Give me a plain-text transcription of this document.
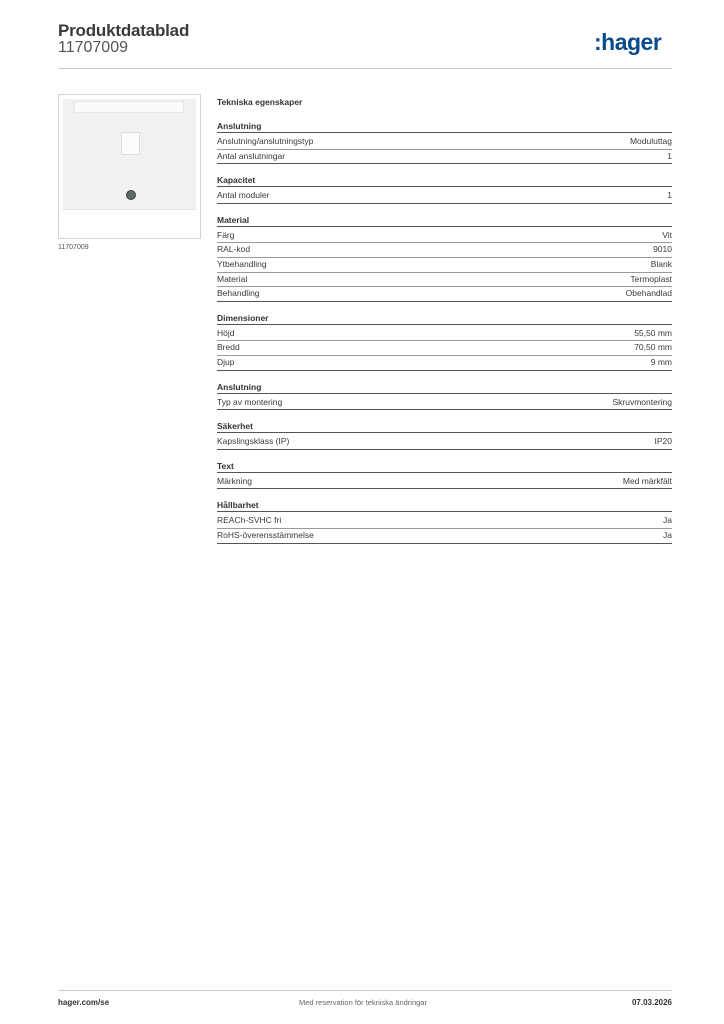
Produktdatablad
11707009	:hager
11707009
Tekniska egenskaper
Anslutning
Anslutning/anslutningstyp	Moduluttag
Antal anslutningar	1
Kapacitet
Antal moduler	1
Material
Färg	Vit
RAL-kod	9010
Ytbehandling	Blank
Material	Termoplast
Behandling	Obehandlad
Dimensioner
Höjd	55,50 mm
Bredd	70,50 mm
Djup	9 mm
Anslutning
Typ av montering	Skruvmontering
Säkerhet
Kapslingsklass (IP)	IP20
Text
Märkning	Med märkfält
Hållbarhet
REACh-SVHC fri	Ja
RoHS-överensstämmelse	Ja
hager.com/se	Med reservation för tekniska ändringar	07.03.2026
